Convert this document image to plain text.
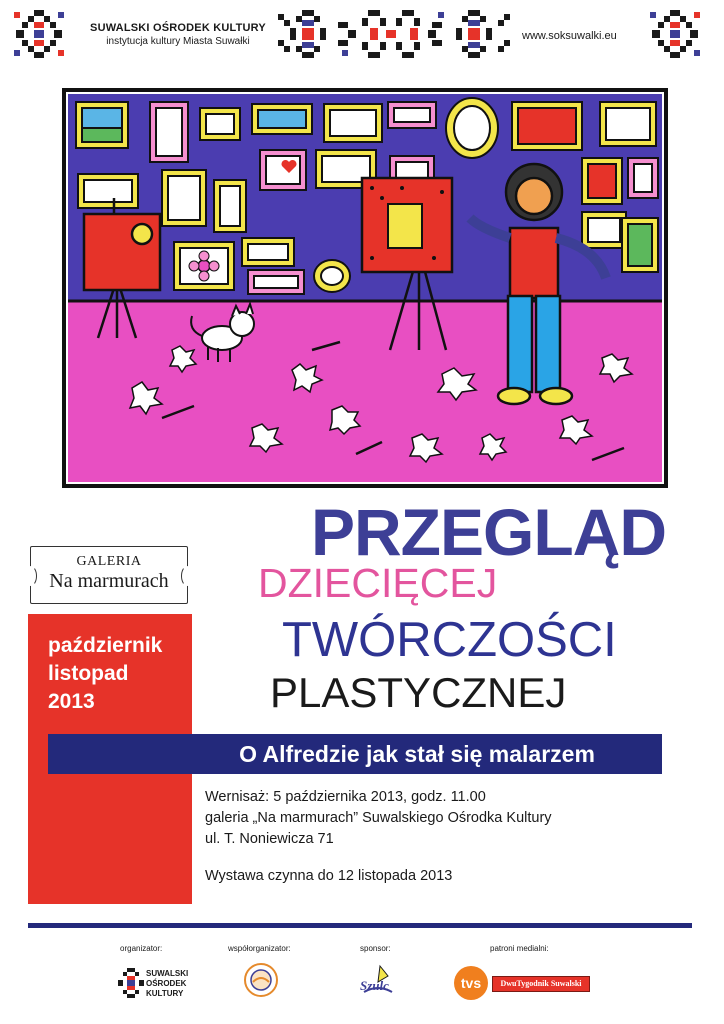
SUWALSKI OŚRODEK KULTURY
instytucja kultury Miasta Suwałki	www.soksuwalki.eu
GALERIA
Na marmurach
październik
listopad
2013
PRZEGLĄD
DZIECIĘCEJ
TWÓRCZOŚCI
PLASTYCZNEJ
O Alfredzie jak stał się malarzem
Wernisaż: 5 października 2013, godz. 11.00
galeria „Na marmurach” Suwalskiego Ośrodka Kultury
ul. T. Noniewicza 71
Wystawa czynna do 12 listopada 2013
organizator:	współorganizator:	sponsor:	patroni medialni:
SUWALSKI
OŚRODEK
KULTURY
Szulc	tvs	DwuTygodnik Suwalski
